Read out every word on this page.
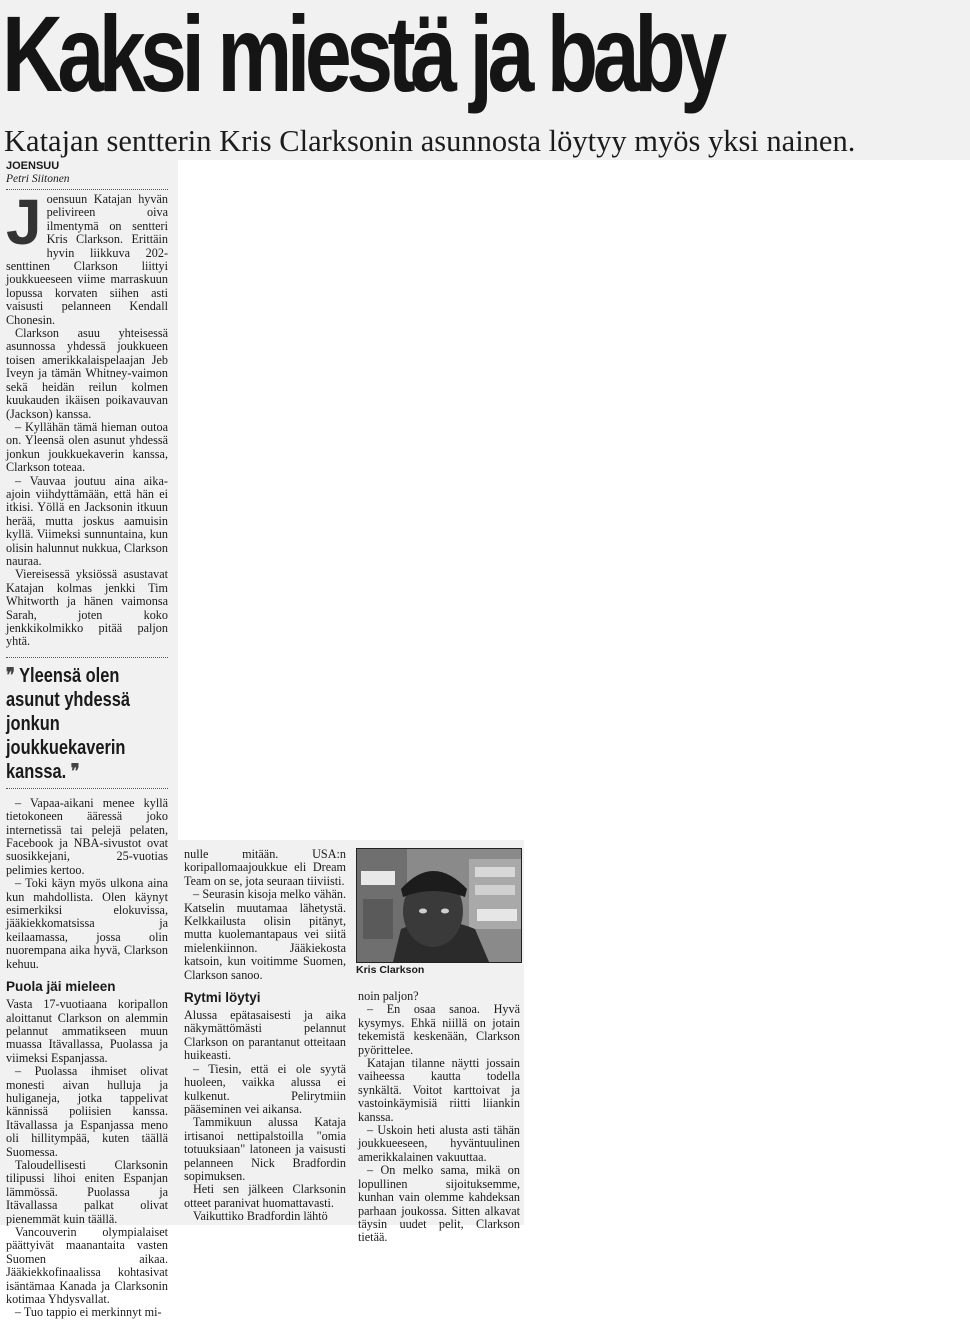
Kaksi miestä ja baby
Katajan sentterin Kris Clarksonin asunnosta löytyy myös yksi nainen.
JOENSUU
Petri Siitonen
J oensuun Katajan hyvän pelivireen oiva ilmentymä on sentteri Kris Clarkson. Erittäin hyvin liikkuva 202-senttinen Clarkson liittyi joukkueeseen viime marraskuun lopussa korvaten siihen asti vaisusti pelanneen Kendall Chonesin.

Clarkson asuu yhteisessä asunnossa yhdessä joukkueen toisen amerikkalaispelaajan Jeb Iveyn ja tämän Whitney-vaimon sekä heidän reilun kolmen kuukauden ikäisen poikavauvan (Jackson) kanssa.

– Kyllähän tämä hieman outoa on. Yleensä olen asunut yhdessä jonkun joukkuekaverin kanssa, Clarkson toteaa.

– Vauvaa joutuu aina aika-ajoin viihdyttämään, että hän ei itkisi. Yöllä en Jacksonin itkuun herää, mutta joskus aamuisin kyllä. Viimeksi sunnuntaina, kun olisin halunnut nukkua, Clarkson nauraa.

Viereisessä yksiössä asustavat Katajan kolmas jenkki Tim Whitworth ja hänen vaimonsa Sarah, joten koko jenkkikolmikko pitää paljon yhtä.

❞ Yleensä olen asunut yhdessä jonkun joukkuekaverin kanssa. ❞

– Vapaa-aikani menee kyllä tietokoneen ääressä joko internetissä tai pelejä pelaten, Facebook ja NBA-sivustot ovat suosikkejani, 25-vuotias pelimies kertoo.

– Toki käyn myös ulkona aina kun mahdollista. Olen käynyt esimerkiksi elokuvissa, jääkiekkomatsissa ja keilaamassa, jossa olin nuorempana aika hyvä, Clarkson kehuu.

Puola jäi mieleen

Vasta 17-vuotiaana koripallon aloittanut Clarkson on alemmin pelannut ammatikseen muun muassa Itävallassa, Puolassa ja viimeksi Espanjassa.

– Puolassa ihmiset olivat monesti aivan hulluja ja huliganeja, jotka tappelivat kännissä poliisien kanssa. Itävallassa ja Espanjassa meno oli hillitympää, kuten täällä Suomessa.

Taloudellisesti Clarksonin tilipussi lihoi eniten Espanjan lämmössä. Puolassa ja Itävallassa palkat olivat pienemmät kuin täällä.

Vancouverin olympialaiset päättyivät maanantaita vasten Suomen aikaa. Jääkiekkofinaalissa kohtasivat isäntämaa Kanada ja Clarksonin kotimaa Yhdysvallat.

– Tuo tappio ei merkinnyt mi-

nulle mitään. USA:n koripallomaajoukkue eli Dream Team on se, jota seuraan tiiviisti.

– Seurasin kisoja melko vähän. Katselin muutamaa lähetystä. Kelkkailusta olisin pitänyt, mutta kuolemantapaus vei siitä mielenkiinnon. Jääkiekosta katsoin, kun voitimme Suomen, Clarkson sanoo.

Rytmi löytyi

Alussa epätasaisesti ja aika näkymättömästi pelannut Clarkson on parantanut otteitaan huikeasti.

– Tiesin, että ei ole syytä huoleen, vaikka alussa ei kulkenut. Pelirytmiin pääseminen vei aikansa.

Tammikuun alussa Kataja irtisanoi nettipalstoilla "omia totuuksiaan" latoneen ja vaisusti pelanneen Nick Bradfordin sopimuksen.

Heti sen jälkeen Clarksonin otteet paranivat huomattavasti.

Vaikuttiko Bradfordin lähtö

Kris Clarkson

noin paljon?

– En osaa sanoa. Hyvä kysymys. Ehkä niillä on jotain tekemistä keskenään, Clarkson pyörittelee.

Katajan tilanne näytti jossain vaiheessa kautta todella synkältä. Voitot karttoivat ja vastoinkäymisiä riitti liiankin kanssa.

– Uskoin heti alusta asti tähän joukkueeseen, hyväntuulinen amerikkalainen vakuuttaa.

– On melko sama, mikä on lopullinen sijoituksemme, kunhan vain olemme kahdeksan parhaan joukossa. Sitten alkavat täysin uudet pelit, Clarkson tietää.
